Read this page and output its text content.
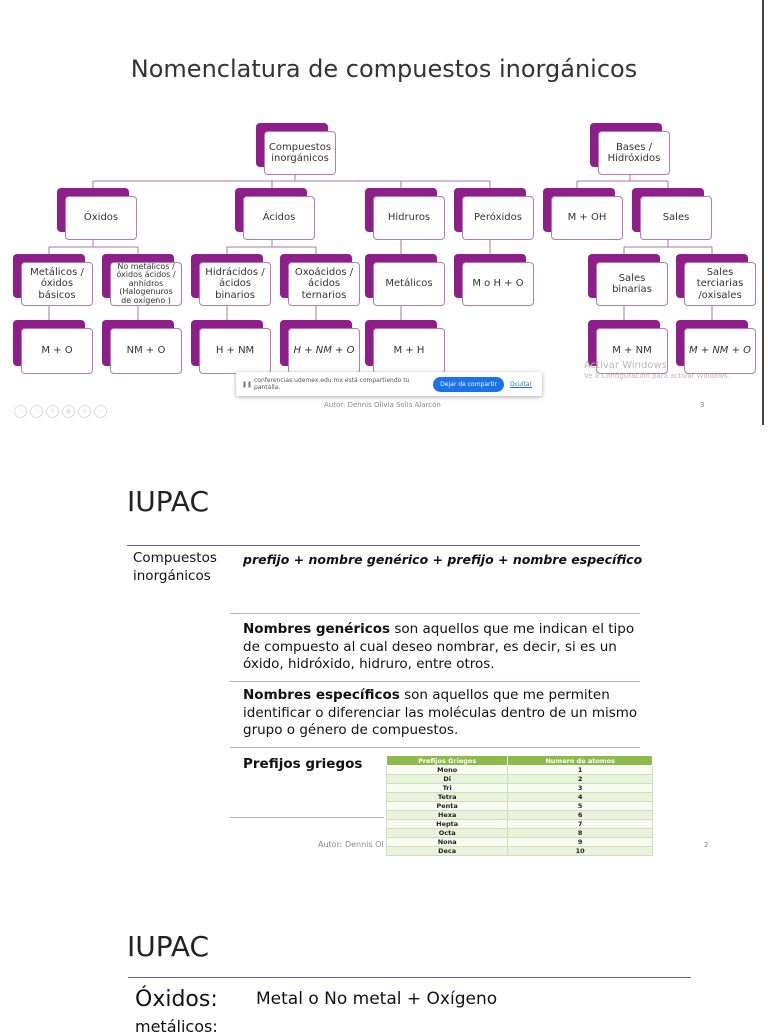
Nomenclatura de compuestos inorgánicos
Compuestos inorgánicos
Bases / Hidróxidos
Óxidos	Ácidos	Hidruros	Peróxidos	M + OH	Sales
Metálicos / óxidos básicos
No metálicos / óxidos ácidos / anhídros (Halogenuros de oxígeno )
Hidrácidos / ácidos binarios
Oxoácidos / ácidos ternarios
Metálicos	M o H + O
Sales binarias
Sales terciarias /oxisales
M + O	NM + O	H + NM	H + NM + O	M + H	M + NM	M + NM + O
Activar Windows
Ve a Configuración para activar Windows.
❚❚ conferencias.udemex.edu.mx está compartiendo tu pantalla.	Dejar de compartir	Ocultar
Autor: Dennis Olivia Solis Alarcón	3
‹	›	✎	▣	⚲	⋯
IUPAC
Compuestos inorgánicos
prefijo + nombre genérico + prefijo + nombre específico
Nombres genéricos son aquellos que me indican el tipo de compuesto al cual deseo nombrar, es decir, si es un óxido, hidróxido, hidruro, entre otros.
Nombres específicos son aquellos que me permiten identificar o diferenciar las moléculas dentro de un mismo grupo o género de compuestos.
Prefijos griegos	Prefijos Griegos	Numero de atomos
Mono	1
Di	2
Tri	3
Tetra	4
Penta	5
Hexa	6
Hepta	7
Octa	8
Nona	9
Deca	10
Autor: Dennis Ol	2
IUPAC
Óxidos: Metal o No metal + Oxígeno
metálicos:
